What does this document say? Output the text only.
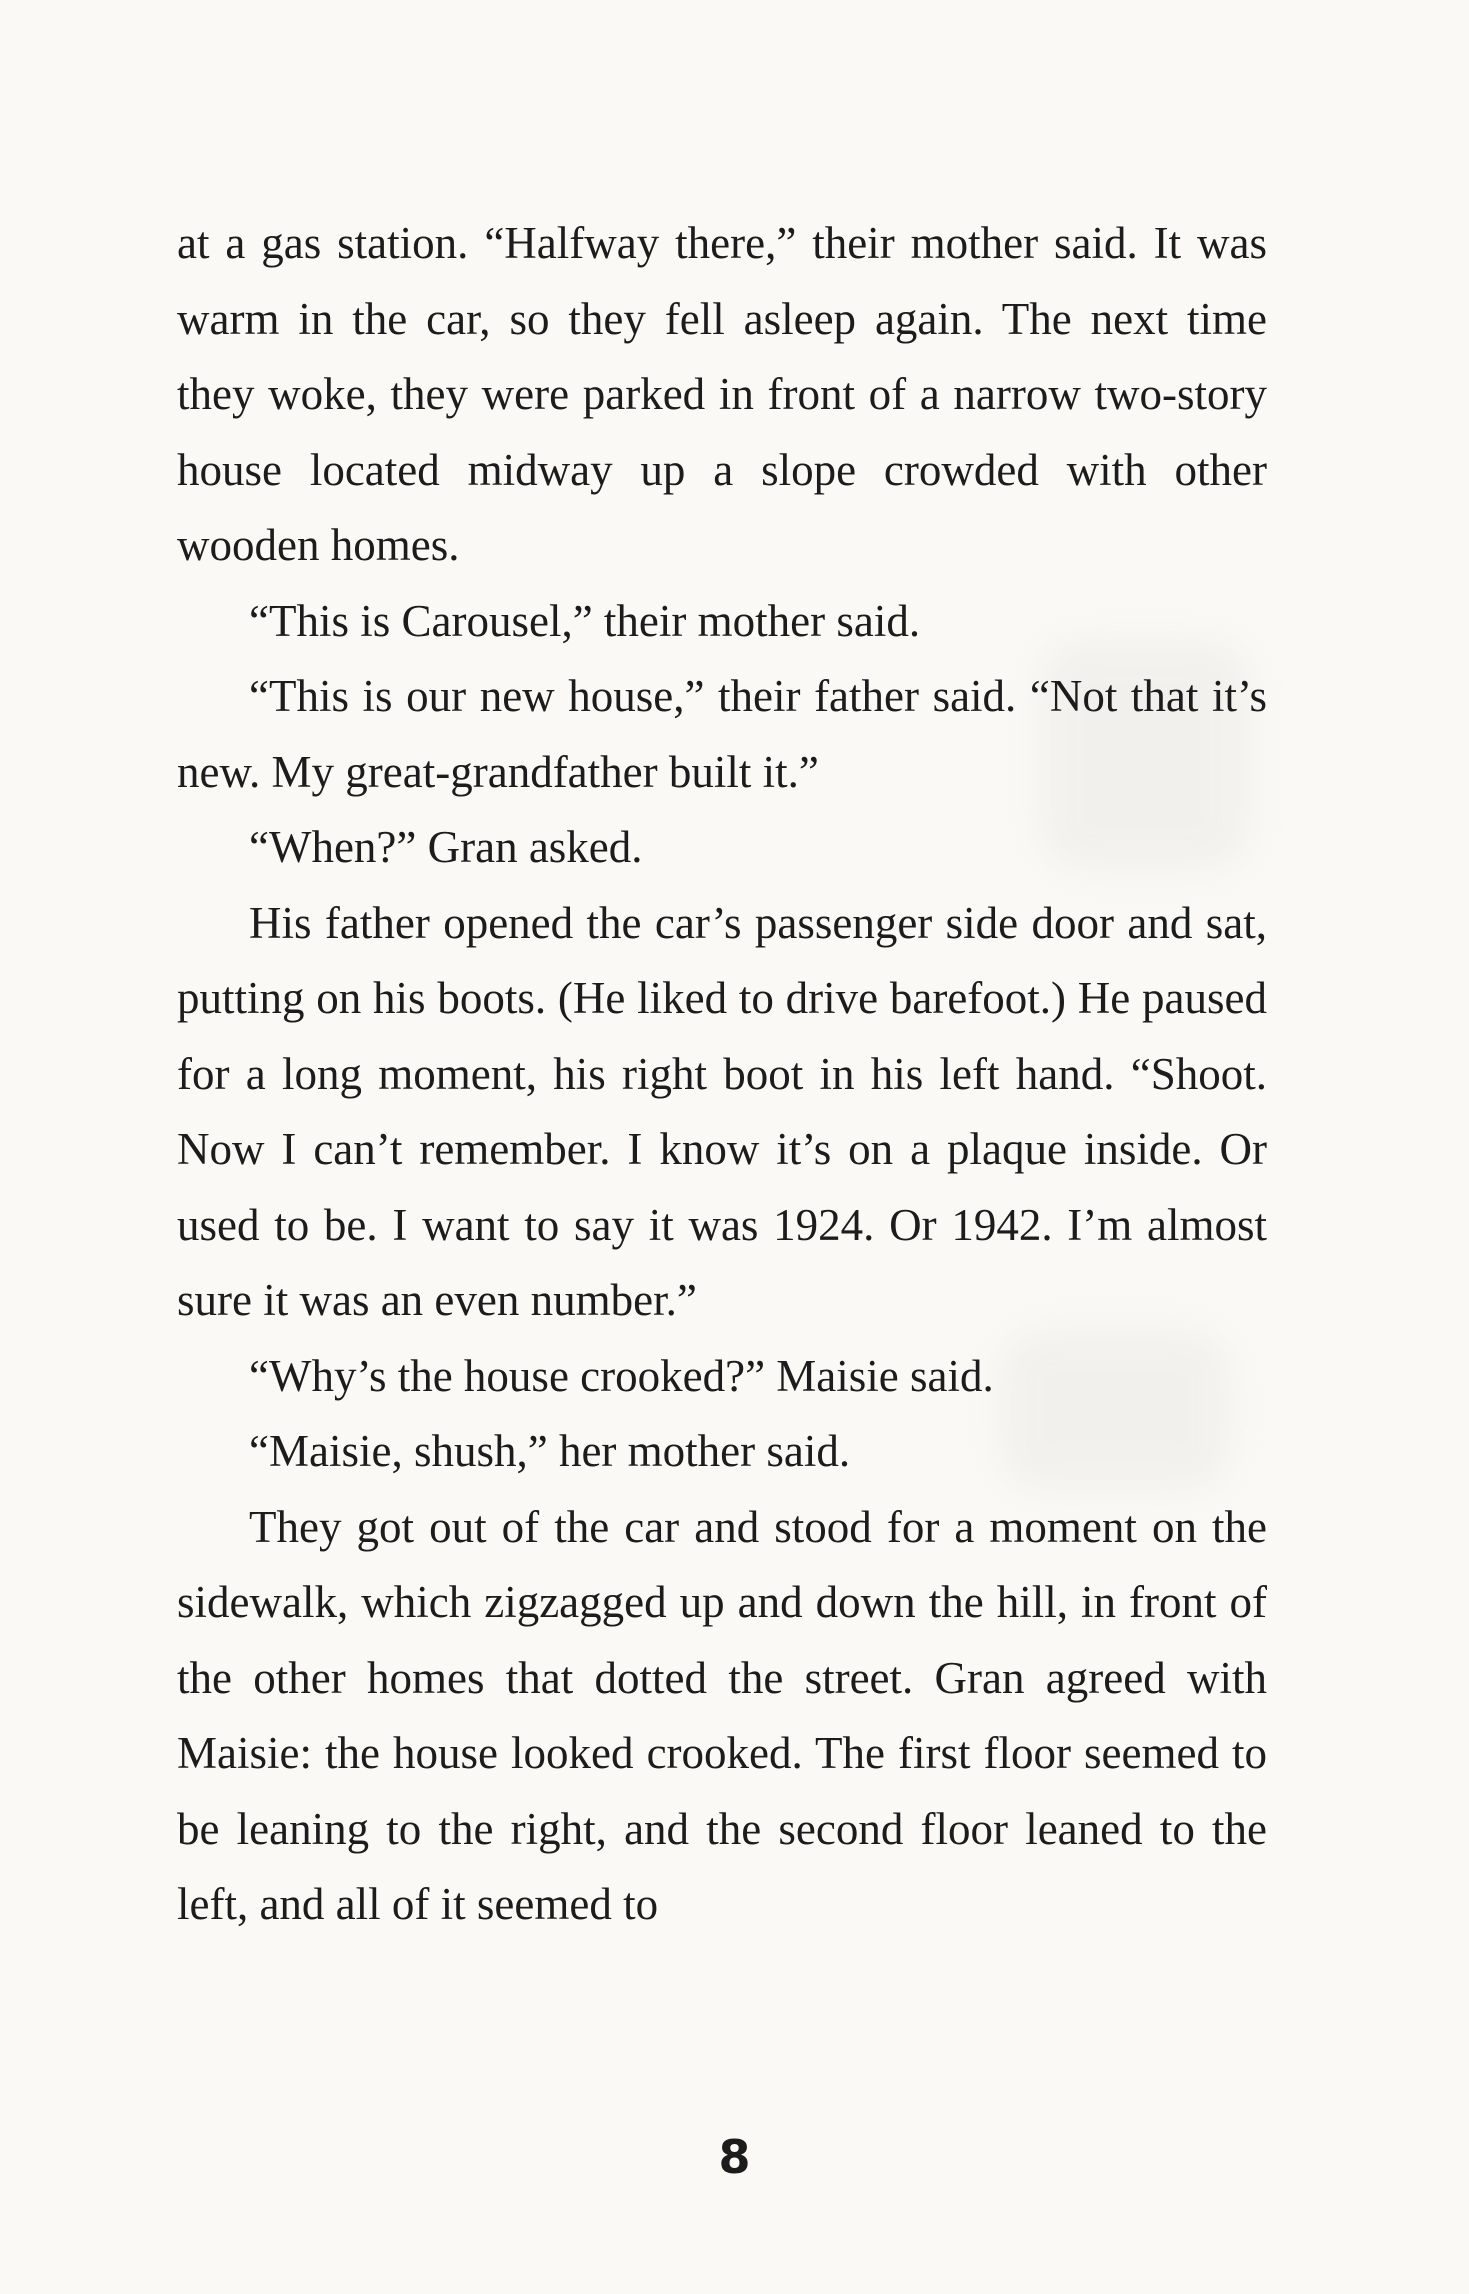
at a gas station. “Halfway there,” their mother said. It was warm in the car, so they fell asleep again. The next time they woke, they were parked in front of a narrow two-story house located midway up a slope crowded with other wooden homes.

“This is Carousel,” their mother said.

“This is our new house,” their father said. “Not that it’s new. My great-grandfather built it.”

“When?” Gran asked.

His father opened the car’s passenger side door and sat, putting on his boots. (He liked to drive barefoot.) He paused for a long moment, his right boot in his left hand. “Shoot. Now I can’t remember. I know it’s on a plaque inside. Or used to be. I want to say it was 1924. Or 1942. I’m almost sure it was an even number.”

“Why’s the house crooked?” Maisie said.

“Maisie, shush,” her mother said.

They got out of the car and stood for a moment on the sidewalk, which zigzagged up and down the hill, in front of the other homes that dotted the street. Gran agreed with Maisie: the house looked crooked. The first floor seemed to be leaning to the right, and the second floor leaned to the left, and all of it seemed to

8
